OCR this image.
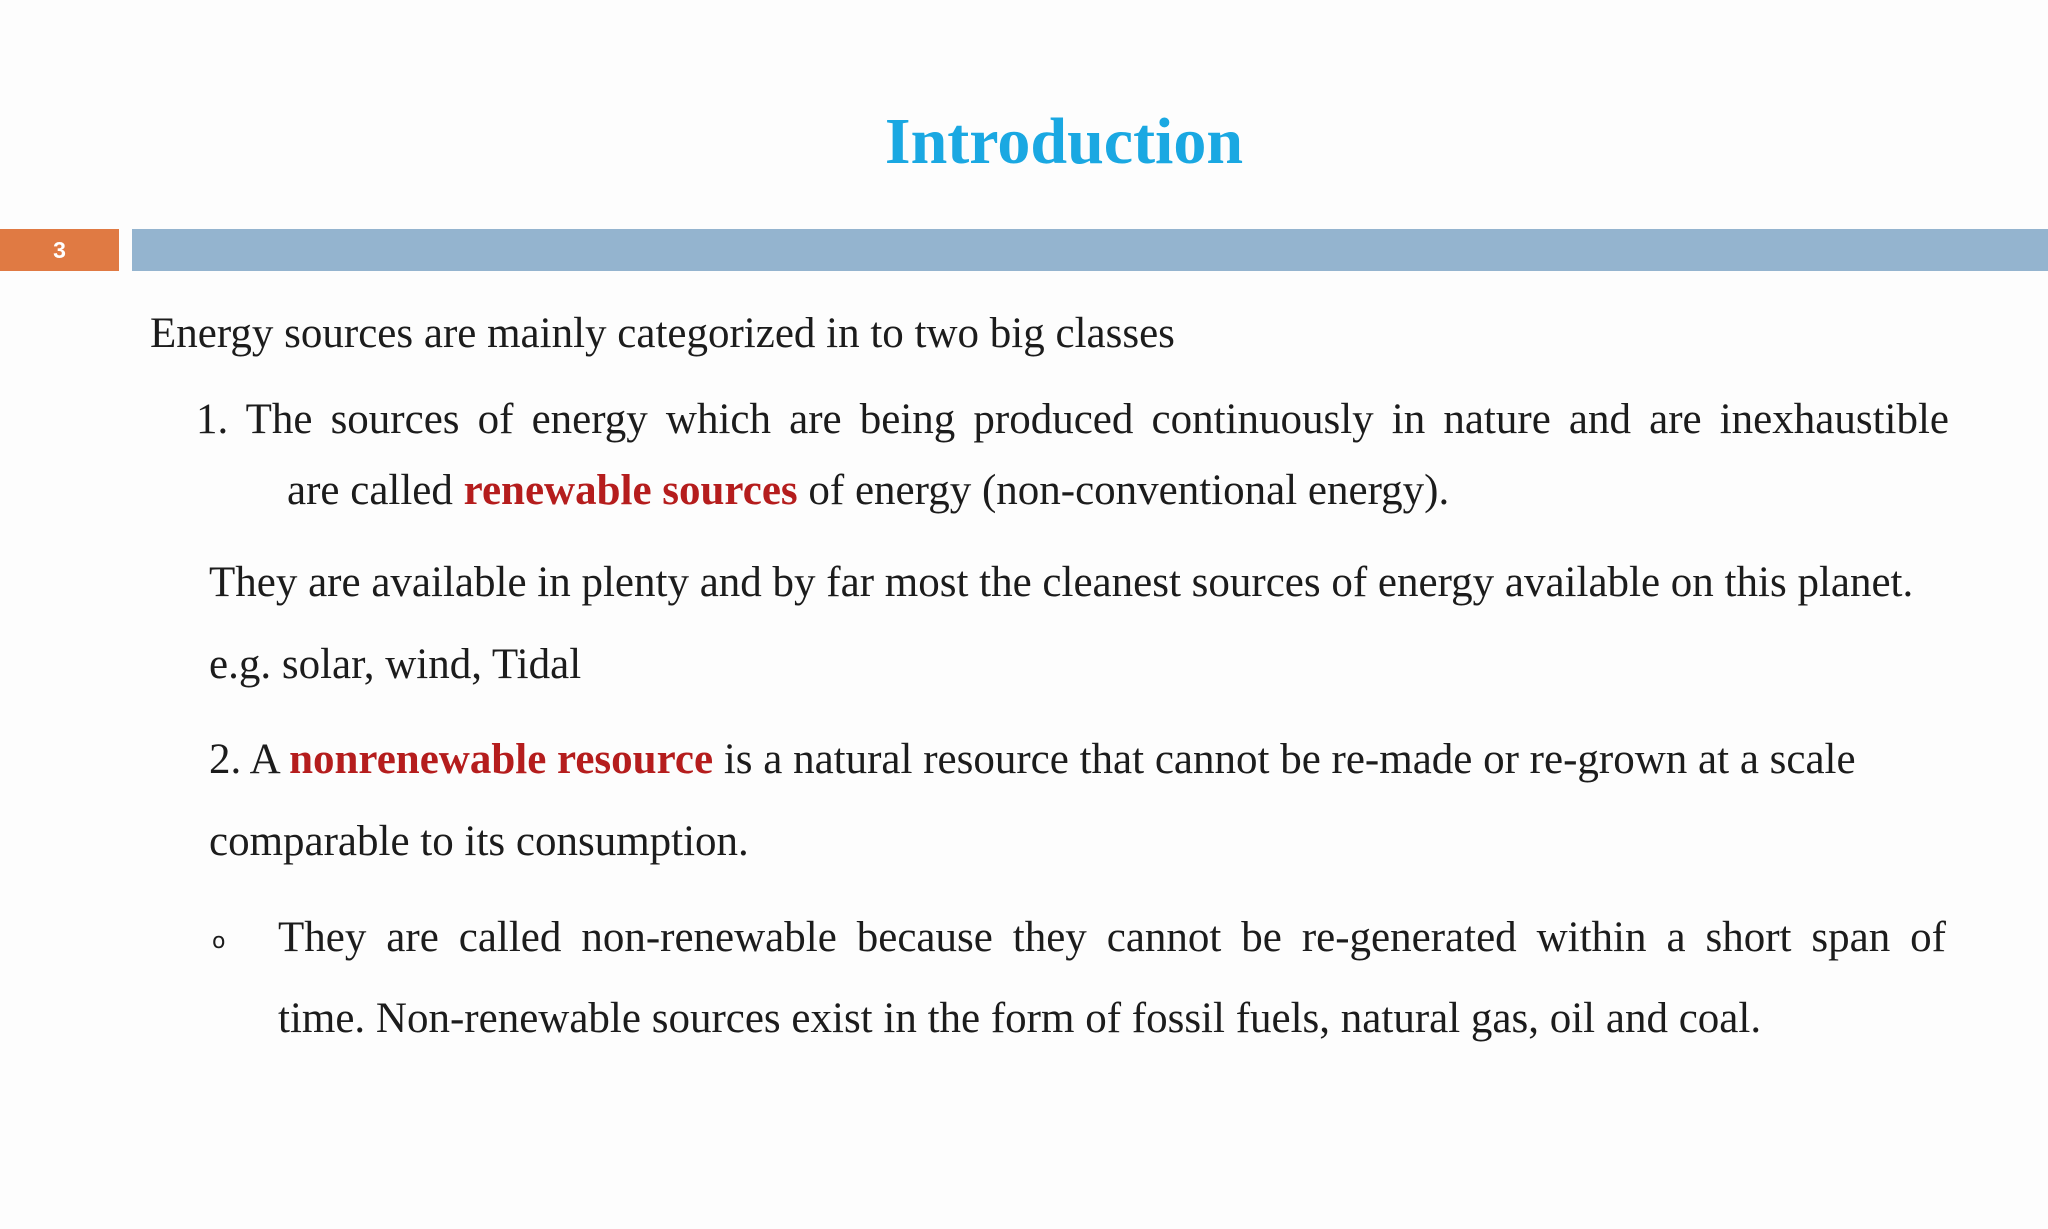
Introduction
3

Energy sources are mainly categorized in to two big classes

1. The sources of energy which are being produced continuously in nature and are inexhaustible

are called renewable sources of energy (non-conventional energy).

They are available in plenty and by far most the cleanest sources of energy available on this planet.

e.g. solar, wind, Tidal

2. A nonrenewable resource is a natural resource that cannot be re-made or re-grown at a scale

comparable to its consumption.

o They are called non-renewable because they cannot be re-generated within a short span of

time. Non-renewable sources exist in the form of fossil fuels, natural gas, oil and coal.
